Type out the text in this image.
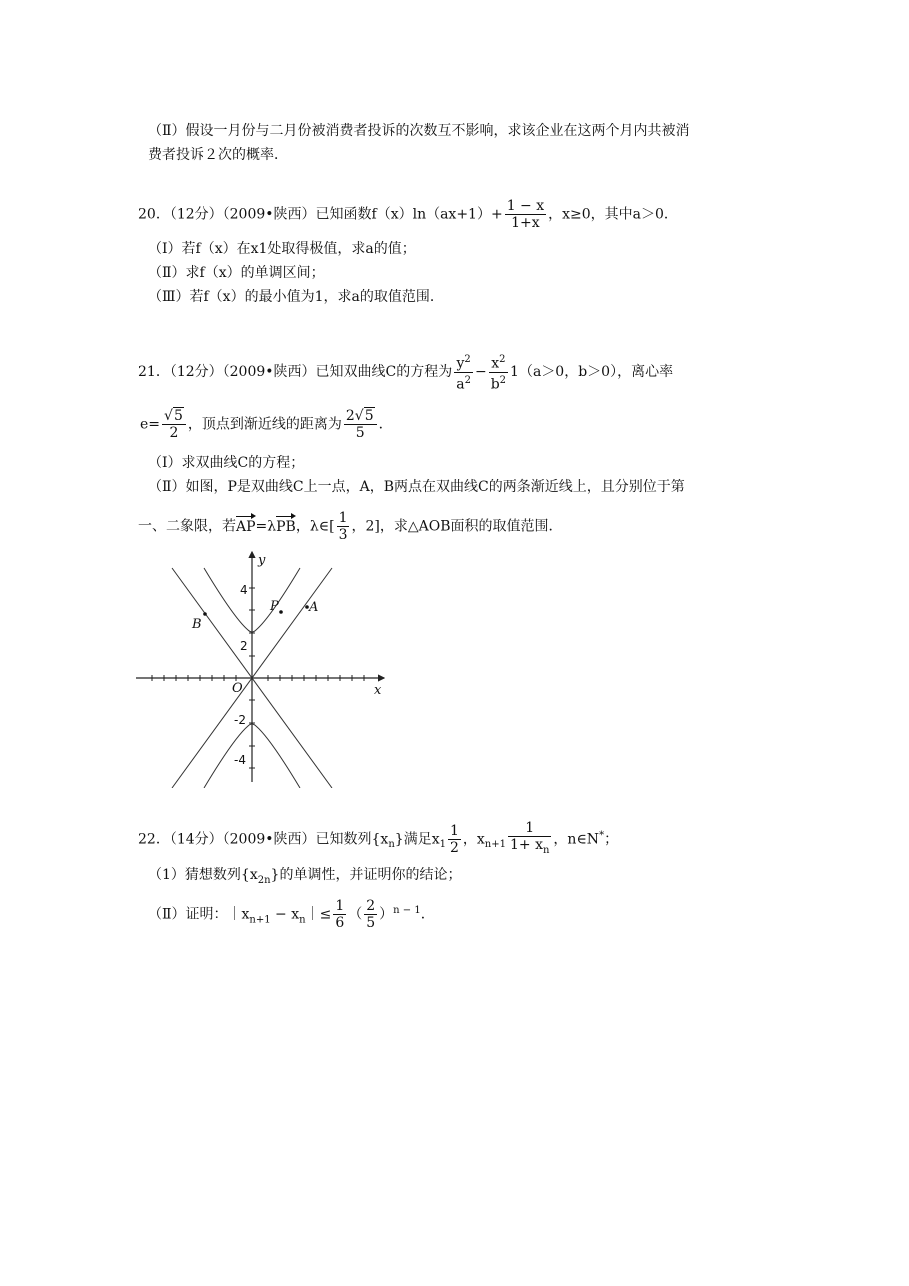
（Ⅱ）假设一月份与二月份被消费者投诉的次数互不影响，求该企业在这两个月内共被消
费者投诉２次的概率．
20．（12分）（2009•陕西）已知函数$f(x)\ln(ax+1)+ \frac{1 - x}{1+x}$ ，x≥0，其中a＞0．
（Ⅰ）若f（x）在x1处取得极值，求a的值；
（Ⅱ）求f（x）的单调区间；
（Ⅲ）若f（x）的最小值为1，求a的取值范围．
21．（12分）（2009•陕西）已知双曲线C的方程为 $\frac{y^2}{a^2} - \frac{x^2}{b^2} 1(a>0$，b＞0），离心率
$e= \frac{√5}{2}$ ，顶点到渐近线的距离为 $\frac{2√5}{5}$ ．
（Ⅰ）求双曲线C的方程；
（Ⅱ）如图，P是双曲线C上一点，A，B两点在双曲线C的两条渐近线上，且分别位于第
一、二象限，若AP=λPB，λ∈[ $\frac{1}{3}$ ，2]，求△AOB面积的取值范围．
y
x
O
B
P A
4
2
-2
-4
22．（14分）（2009•陕西）已知数列$\{x_n\}$满足$x_1 \frac{1}{2}$ ，$x_{n+1} \frac{1}{1+ x_n}$ ，n∈N*；
（1）猜想数列$\{x_{2n}\}$的单调性，并证明你的结论；
（Ⅱ）证明：$|x_{n+1}$ − $x_n|\le \frac{1}{6}$ （ $\frac{2}{5} )^{n - 1}$．
